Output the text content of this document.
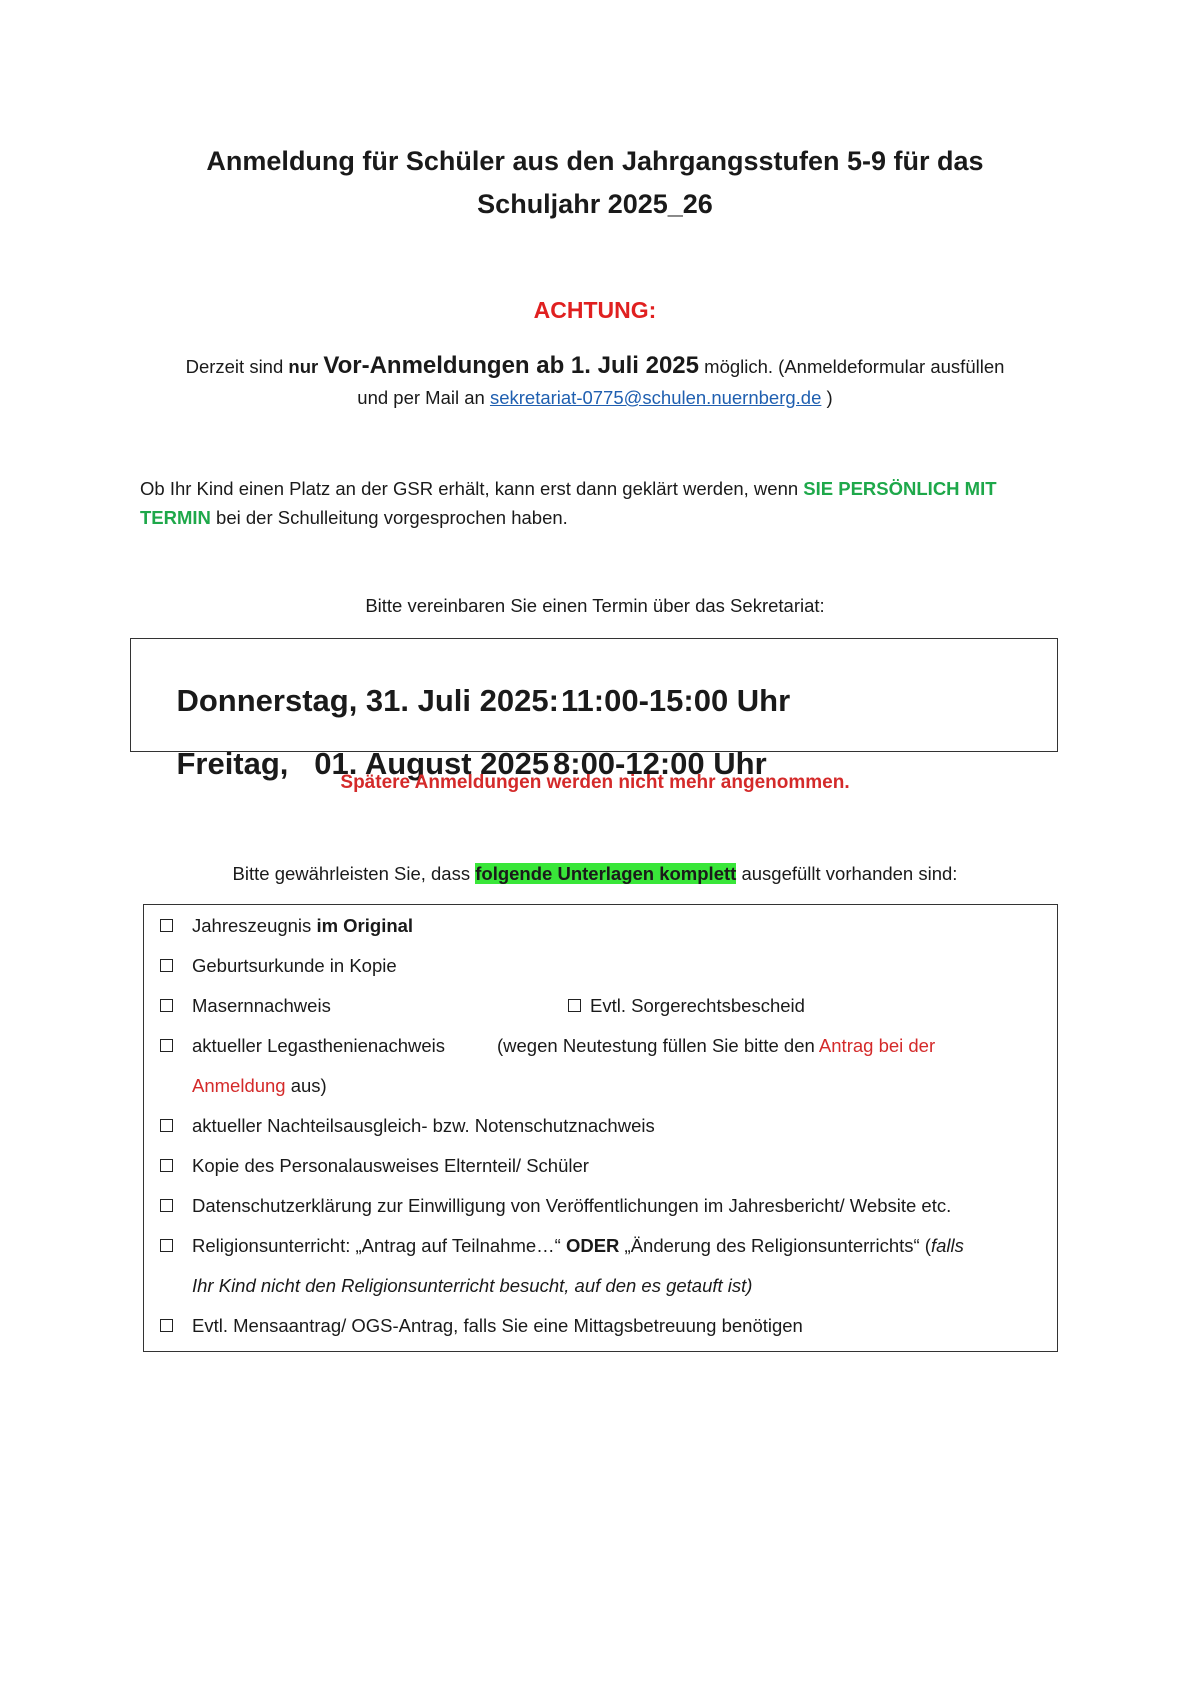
Anmeldung für Schüler aus den Jahrgangsstufen 5-9 für das
Schuljahr 2025_26
ACHTUNG:
Derzeit sind nur Vor-Anmeldungen ab 1. Juli 2025 möglich. (Anmeldeformular ausfüllen
und per Mail an sekretariat-0775@schulen.nuernberg.de )
Ob Ihr Kind einen Platz an der GSR erhält, kann erst dann geklärt werden, wenn SIE PERSÖNLICH MIT TERMIN bei der Schulleitung vorgesprochen haben.
Bitte vereinbaren Sie einen Termin über das Sekretariat:

Donnerstag, 31. Juli 2025: 11:00-15:00 Uhr

Freitag,   01. August 2025 8:00-12:00 Uhr

Spätere Anmeldungen werden nicht mehr angenommen.
Bitte gewährleisten Sie, dass folgende Unterlagen komplett ausgefüllt vorhanden sind:
Jahreszeugnis im Original
Geburtsurkunde in Kopie
Masernnachweis	Evtl. Sorgerechtsbescheid
aktueller Legasthenienachweis	(wegen Neutestung füllen Sie bitte den Antrag bei der
Anmeldung aus)
aktueller Nachteilsausgleich- bzw. Notenschutznachweis
Kopie des Personalausweises Elternteil/ Schüler
Datenschutzerklärung zur Einwilligung von Veröffentlichungen im Jahresbericht/ Website etc.
Religionsunterricht: „Antrag auf Teilnahme…“ ODER „Änderung des Religionsunterrichts“ (falls
Ihr Kind nicht den Religionsunterricht besucht, auf den es getauft ist)
Evtl. Mensaantrag/ OGS-Antrag, falls Sie eine Mittagsbetreuung benötigen
